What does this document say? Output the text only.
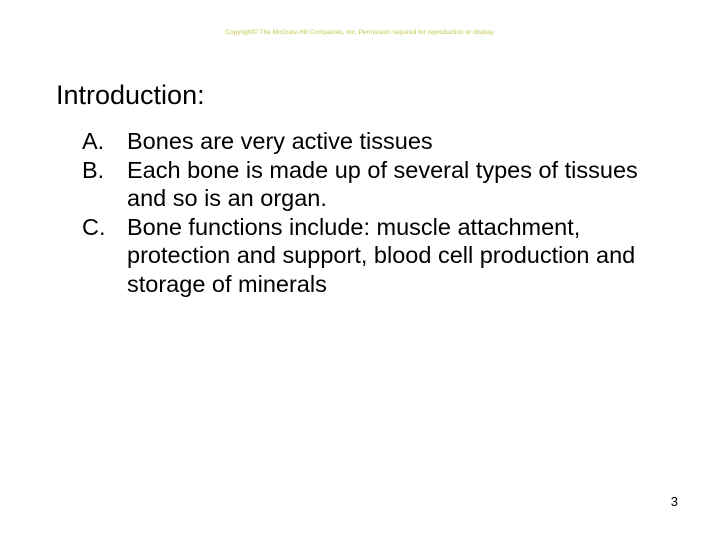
Copyright© The McGraw-Hill Companies, Inc. Permission required for reproduction or display.
Introduction:
A. Bones are very active tissues
B. Each bone is made up of several types of tissues and so is an organ.
C. Bone functions include: muscle attachment, protection and support, blood cell production and storage of minerals
3
